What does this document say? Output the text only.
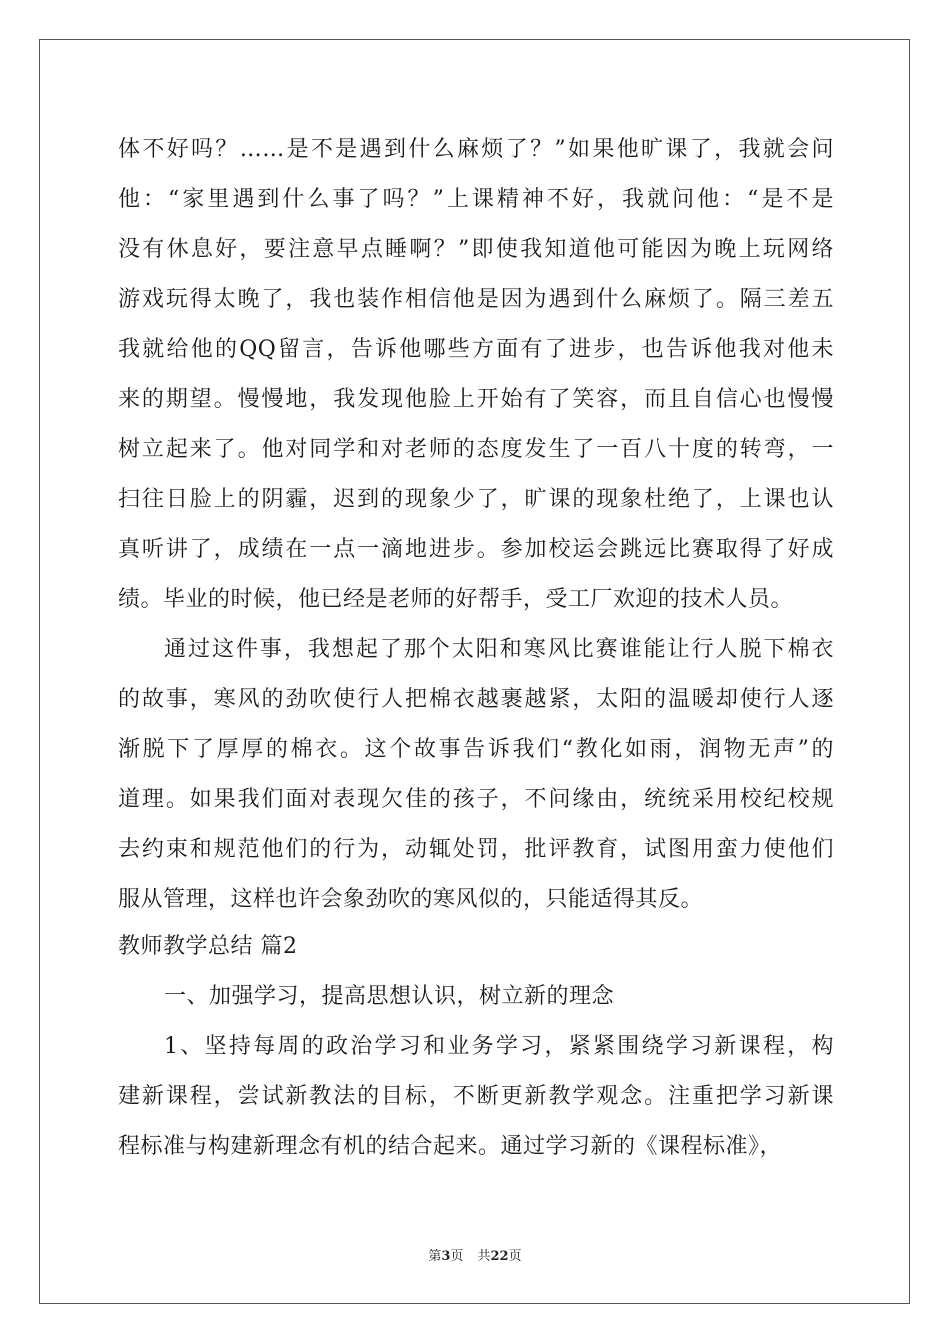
体不好吗？……是不是遇到什么麻烦了？”如果他旷课了，我就会问
他：“家里遇到什么事了吗？”上课精神不好，我就问他：“是不是
没有休息好，要注意早点睡啊？”即使我知道他可能因为晚上玩网络
游戏玩得太晚了，我也装作相信他是因为遇到什么麻烦了。隔三差五
我就给他的QQ留言，告诉他哪些方面有了进步，也告诉他我对他未
来的期望。慢慢地，我发现他脸上开始有了笑容，而且自信心也慢慢
树立起来了。他对同学和对老师的态度发生了一百八十度的转弯，一
扫往日脸上的阴霾，迟到的现象少了，旷课的现象杜绝了，上课也认
真听讲了，成绩在一点一滴地进步。参加校运会跳远比赛取得了好成
绩。毕业的时候，他已经是老师的好帮手，受工厂欢迎的技术人员。
通过这件事，我想起了那个太阳和寒风比赛谁能让行人脱下棉衣
的故事，寒风的劲吹使行人把棉衣越裹越紧，太阳的温暖却使行人逐
渐脱下了厚厚的棉衣。这个故事告诉我们“教化如雨，润物无声”的
道理。如果我们面对表现欠佳的孩子，不问缘由，统统采用校纪校规
去约束和规范他们的行为，动辄处罚，批评教育，试图用蛮力使他们
服从管理，这样也许会象劲吹的寒风似的，只能适得其反。
教师教学总结 篇2
一、加强学习，提高思想认识，树立新的理念
1、坚持每周的政治学习和业务学习，紧紧围绕学习新课程，构
建新课程，尝试新教法的目标，不断更新教学观念。注重把学习新课
程标准与构建新理念有机的结合起来。通过学习新的《课程标准》，
第3页 共22页
